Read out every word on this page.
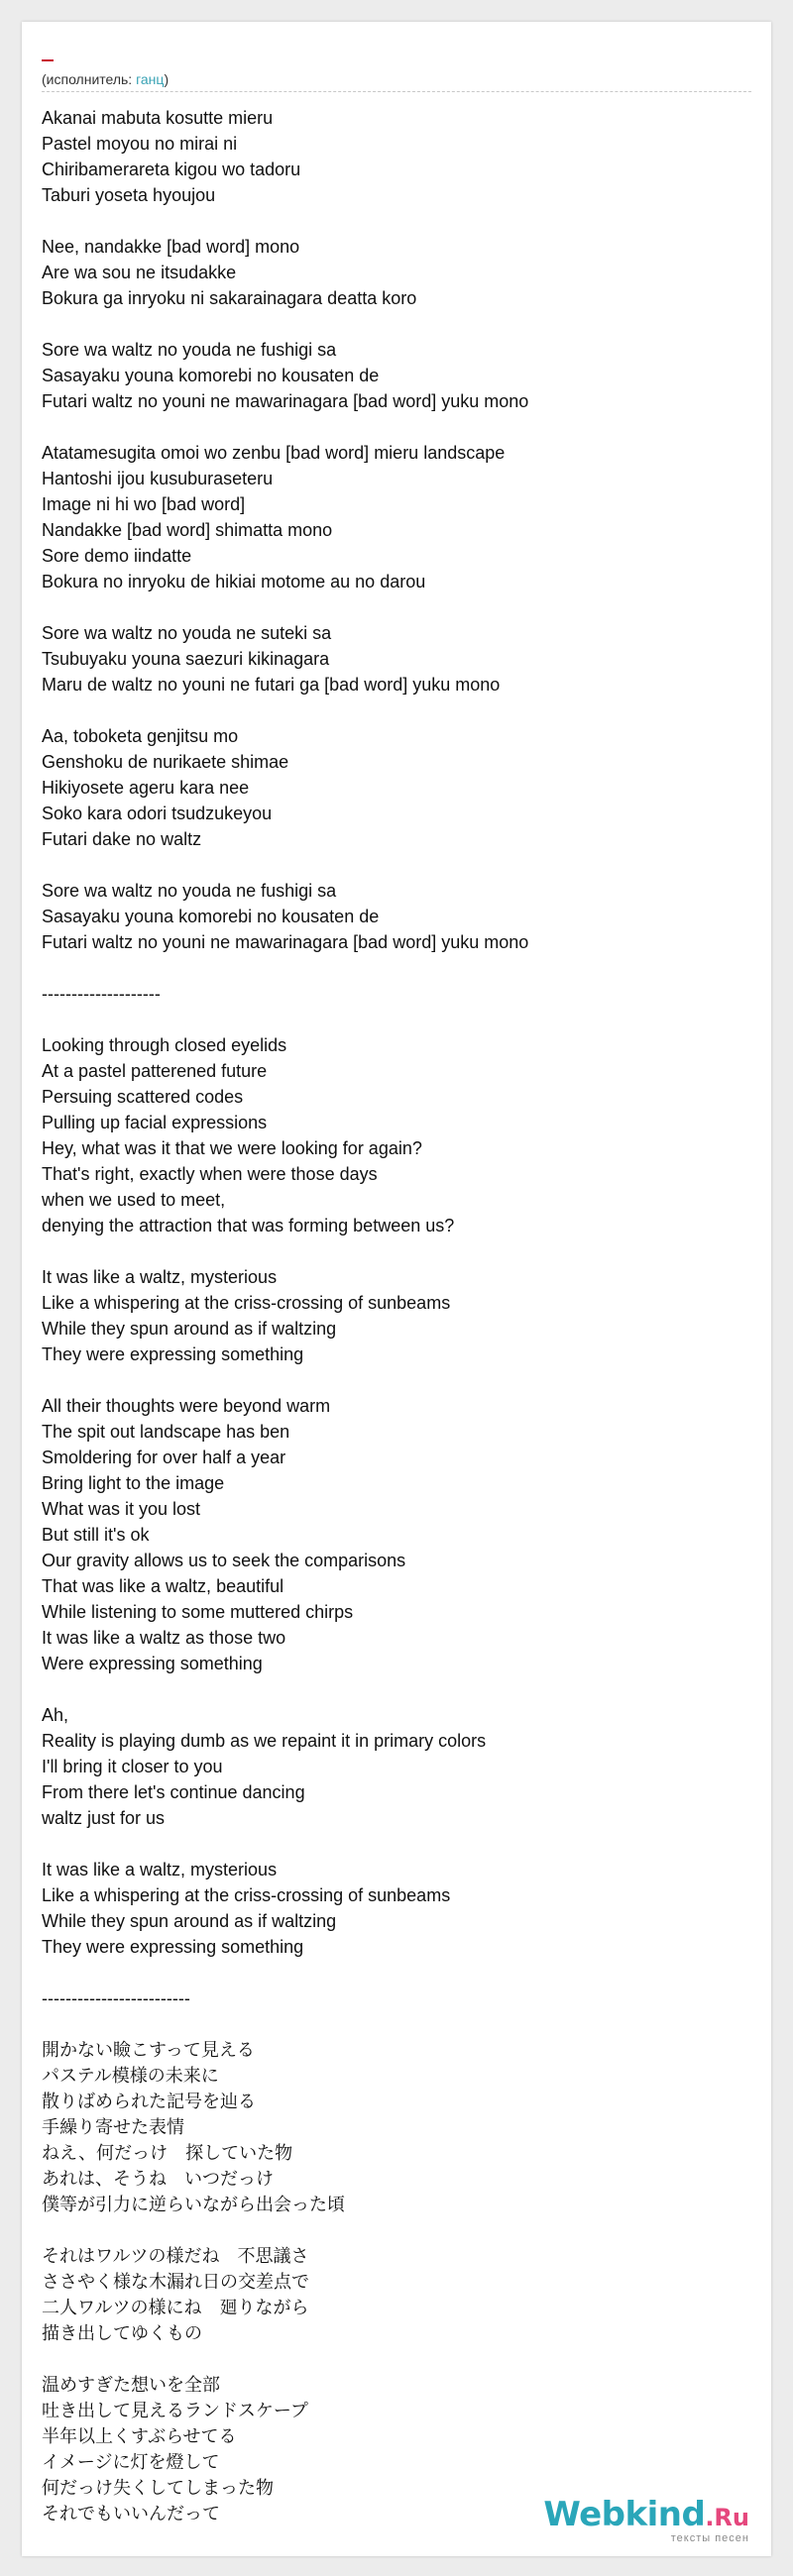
(исполнитель: ганц)
Akanai mabuta kosutte mieru
Pastel moyou no mirai ni
Chiribamerareta kigou wo tadoru
Taburi yoseta hyoujou
Nee, nandakke [bad word] mono
Are wa sou ne itsudakke
Bokura ga inryoku ni sakarainagara deatta koro
Sore wa waltz no youda ne fushigi sa
Sasayaku youna komorebi no kousaten de
Futari waltz no youni ne mawarinagara [bad word] yuku mono
Atatamesugita omoi wo zenbu [bad word] mieru landscape
Hantoshi ijou kusuburaseteru
Image ni hi wo [bad word]
Nandakke [bad word] shimatta mono
Sore demo iindatte
Bokura no inryoku de hikiai motome au no darou
Sore wa waltz no youda ne suteki sa
Tsubuyaku youna saezuri kikinagara
Maru de waltz no youni ne futari ga [bad word] yuku mono
Aa, toboketa genjitsu mo
Genshoku de nurikaete shimae
Hikiyosete ageru kara nee
Soko kara odori tsudzukeyou
Futari dake no waltz
Sore wa waltz no youda ne fushigi sa
Sasayaku youna komorebi no kousaten de
Futari waltz no youni ne mawarinagara [bad word] yuku mono
--------------------
Looking through closed eyelids
At a pastel patterened future
Persuing scattered codes
Pulling up facial expressions
Hey, what was it that we were looking for again?
That's right, exactly when were those days
when we used to meet,
denying the attraction that was forming between us?
It was like a waltz, mysterious
Like a whispering at the criss-crossing of sunbeams
While they spun around as if waltzing
They were expressing something
All their thoughts were beyond warm
The spit out landscape has ben
Smoldering for over half a year
Bring light to the image
What was it you lost
But still it's ok
Our gravity allows us to seek the comparisons
That was like a waltz, beautiful
While listening to some muttered chirps
It was like a waltz as those two
Were expressing something
Ah,
Reality is playing dumb as we repaint it in primary colors
I'll bring it closer to you
From there let's continue dancing
waltz just for us
It was like a waltz, mysterious
Like a whispering at the criss-crossing of sunbeams
While they spun around as if waltzing
They were expressing something
-------------------------
開かない瞼こすって見える
パステル模様の未来に
散りばめられた記号を辿る
手繰り寄せた表情
ねえ、何だっけ　探していた物
あれは、そうね　いつだっけ
僕等が引力に逆らいながら出会った頃
それはワルツの様だね　不思議さ
ささやく様な木漏れ日の交差点で
二人ワルツの様にね　廻りながら
描き出してゆくもの
温めすぎた想いを全部
吐き出して見えるランドスケープ
半年以上くすぶらせてる
イメージに灯を燈して
何だっけ失くしてしまった物
それでもいいんだって	Webkind.Ru
тексты песен
